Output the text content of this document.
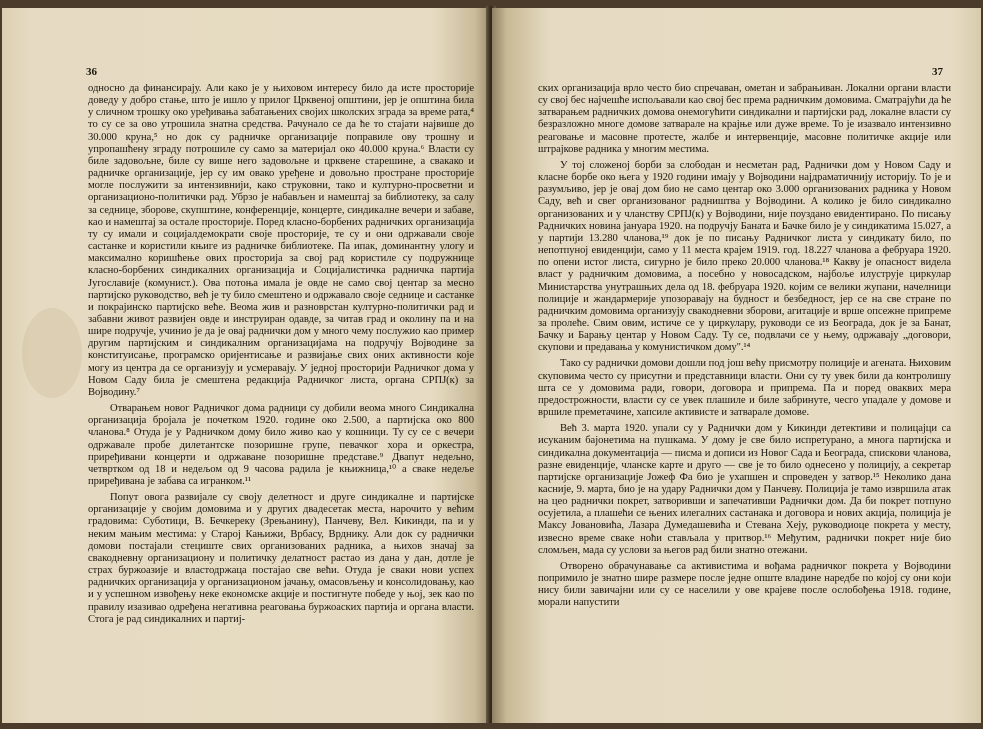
36

односно да финансирају. Али како је у њиховом интересу било да исте просторије доведу у добро стање, што је ишло у прилог Црквеној општини, јер је општина била у сличном трошку око уређивања забатањених својих школских зграда за време рата,⁴ то су се за ово утрошила знатна средства. Рачунало се да ће то стајати највише до 30.000 круна,⁵ но док су радничке организације поправиле ову трошну и упропашћену зграду потрошиле су само за материјал око 40.000 круна.⁶ Власти су биле задовољне, биле су више него задовољне и црквене старешине, а свакако и радничке организације, јер су им овако уређене и довољно простране просторије могле послужити за интензивнији, како струковни, тако и културно-просветни и организационо-политички рад. Убрзо је набављен и намештај за библиотеку, за салу за седнице, зборове, скупштине, конференције, концерте, синдикалне вечери и забаве, као и намештај за остале просторије. Поред класно-борбених радничких организација ту су имали и социјалдемократи своје просторије, те су и они одржавали своје састанке и користили књиге из радничке библиотеке. Па ипак, доминантну улогу и максимално коришћење ових просторија за свој рад користиле су подружнице класно-борбених синдикалних организација и Социјалистичка радничка партија Југославије (комунист.). Ова потоња имала је овде не само свој центар за месно партијско руководство, већ је ту било смештено и одржавало своје седнице и састанке и покрајинско партијско веће. Веома жив и разноврстан културно-политички рад и забавни живот развијен овде и инструиран одавде, за читав град и околину па и на шире подручје, учинио је да је овај раднички дом у много чему послужио као пример другим партијским и синдикалним организацијама на подручју Војводине за конституисање, програмско оријентисање и развијање свих оних активности које могу из центра да се организују и усмеравају. У једној просторији Радничког дома у Новом Саду била је смештена редакција Радничког листа, органа СРПЈ(к) за Војводину.⁷

Отварањем новог Радничког дома радници су добили веома много Синдикална организација бројала је почетком 1920. године око 2.500, а партијска око 800 чланова.⁸ Отуда је у Радничком дому било живо као у кошници. Ту су се с вечери одржавале пробе дилетантске позоришне групе, певачког хора и оркестра, приређивани концерти и одржаване позоришне представе.⁹ Двапут недељно, четвртком од 18 и недељом од 9 часова радила је књижница,¹⁰ а сваке недеље приређивана је забава са игранком.¹¹

Попут овога развијале су своју делетност и друге синдикалне и партијске организације у својим домовима и у других двадесетак места, нарочито у већим градовима: Суботици, В. Бечкереку (Зрењанину), Панчеву, Вел. Кикинди, па и у неким мањим местима: у Старој Кањижи, Врбасу, Врднику. Али док су раднички домови постајали стециште свих организованих радника, а њихов значај за свакодневну организациону и политичку делатност растао из дана у дан, дотле је страх буржоазије и властодржаца постајао све већи. Отуда је сваки нови успех радничких организација у организационом јачању, омасовљењу и консолидовању, као и у успешном извођењу неке економске акције и постигнуте победе у њој, зек као по правилу изазивао одређена негативна реаговања буржоаских партија и органа власти. Стога је рад синдикалних и партиј-

37

ских организација врло често био спречаван, ометан и забрањиван. Локални органи власти су свој бес најчешће испољавали као свој бес према радничким домовима. Сматрајући да ће затварањем радничких домова онемогућити синдикални и партијски рад, локалне власти су безразложно многе домове затварале на крајње или дуже време. То је изазвало интензивно реаговање и масовне протесте, жалбе и интервенције, масовне политичке акције или штрајкове радника у многим местима.

У тој сложеној борби за слободан и несметан рад, Раднички дом у Новом Саду и класне борбе око њега у 1920 години имају у Војводини најдраматичнију историју. То је и разумљиво, јер је овај дом био не само центар око 3.000 организованих радника у Новом Саду, већ и свег организованог радништва у Војводини. А колико је било синдикално организованих и у чланству СРПЈ(к) у Војводини, није поуздано евидентирано. По писању Радничких новина јануара 1920. на подручју Баната и Бачке било је у синдикатима 15.027, а у партији 13.280 чланова,¹⁹ док је по писању Радничког листа у синдикату било, по непотпуној евиденцији, само у 11 места крајем 1919. год. 18.227 чланова а фебруара 1920. по опени истог листа, сигурно је било преко 20.000 чланова.¹⁸ Какву је опасност видела власт у радничким домовима, а посебно у новосадском, најбоље илуструје циркулар Министарства унутрашњих дела од 18. фебруара 1920. којим се велики жупани, начелници полиције и жандармерије упозоравају на будност и безбедност, јер се на све стране по радничким домовима организују свакодневни зборови, агитације и врше опсежне припреме за пролеће. Свим овим, истиче се у циркулару, руководи се из Београда, док је за Банат, Бачку и Барању центар у Новом Саду. Ту се, подвлачи се у њему, одржавају „договори, скупови и предавања у комунистичком дому".¹⁴

Тако су раднички домови дошли под још већу присмотру полиције и агената. Њиховим скуповима често су присутни и представници власти. Они су ту увек били да контролишу шта се у домовима ради, говори, договора и припрема. Па и поред оваквих мера предострожности, власти су се увек плашиле и биле забринуте, чесго упадале у домове и вршиле преметачине, хапсиле активисте и затварале домове.

Већ 3. марта 1920. упали су у Раднички дом у Кикинди детективи и полицајци са исуканим бајонетима на пушкама. У дому је све било испретурано, а многа партијска и синдикална документација — писма и дописи из Новог Сада и Београда, спискови чланова, разне евиденције, чланске карте и друго — све је то било однесено у полицију, а секретар партијске организације Јожеф Фа био је ухапшен и спроведен у затвор.¹⁵ Неколико дана касније, 9. марта, био је на удару Раднички дом у Панчеву. Полиција је тамо извршила атак на цео раднички покрет, затворивши и запечативши Раднички дом. Да би покрет потпуно осујетила, а плашећи се њених илегалних састанака и договора и нових акција, полиција је Максу Јовановића, Лазара Думедашевића и Стевана Хеју, руководиоце покрета у месту, извесно време свакe ноћи стављала у притвор.¹⁶ Међутим, раднички покрет није био сломљен, мада су услови за његов рад били знатно отежани.

Отворено обрачунавање са активистима и вођама радничког покрета у Војводини попримило је знатно шире размере после једне опште владине наредбе по којој су они који нису били завичајни или су се населили у ове крајеве после ослобођења 1918. године, морали напустити
